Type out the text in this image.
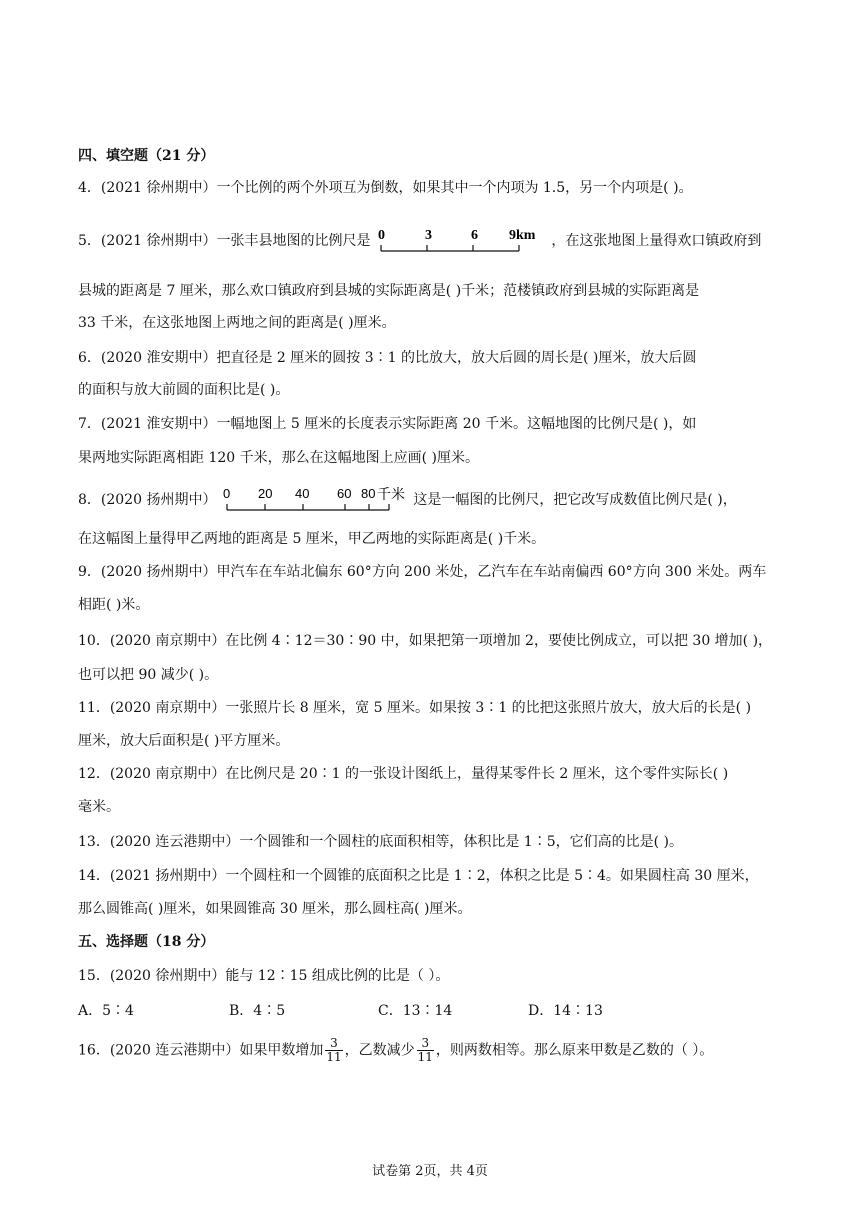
四、填空题（21 分）
4．(2021 徐州期中）一个比例的两个外项互为倒数，如果其中一个内项为 1.5，另一个内项是( )。
5．(2021 徐州期中）一张丰县地图的比例尺是 0	3	6 9km ，在这张地图上量得欢口镇政府到
县城的距离是 7 厘米，那么欢口镇政府到县城的实际距离是( )千米；范楼镇政府到县城的实际距离是
33 千米，在这张地图上两地之间的距离是( )厘米。
6．(2020 淮安期中）把直径是 2 厘米的圆按 3∶1 的比放大，放大后圆的周长是( )厘米，放大后圆
的面积与放大前圆的面积比是( )。
7．(2021 淮安期中）一幅地图上 5 厘米的长度表示实际距离 20 千米。这幅地图的比例尺是( )，如
果两地实际距离相距 120 千米，那么在这幅地图上应画( )厘米。
8．(2020 扬州期中） 0 20 40 60 80 千米 这是一幅图的比例尺，把它改写成数值比例尺是( )，
在这幅图上量得甲乙两地的距离是 5 厘米，甲乙两地的实际距离是( )千米。
9．(2020 扬州期中）甲汽车在车站北偏东 60°方向 200 米处，乙汽车在车站南偏西 60°方向 300 米处。两车
相距( )米。
10．(2020 南京期中）在比例 4∶12＝30∶90 中，如果把第一项增加 2，要使比例成立，可以把 30 增加( )，
也可以把 90 减少( )。
11．(2020 南京期中）一张照片长 8 厘米，宽 5 厘米。如果按 3∶1 的比把这张照片放大，放大后的长是( )
厘米，放大后面积是( )平方厘米。
12．(2020 南京期中）在比例尺是 20∶1 的一张设计图纸上，量得某零件长 2 厘米，这个零件实际长( )
毫米。
13．(2020 连云港期中）一个圆锥和一个圆柱的底面积相等，体积比是 1∶5，它们高的比是( )。
14．(2021 扬州期中）一个圆柱和一个圆锥的底面积之比是 1∶2，体积之比是 5∶4。如果圆柱高 30 厘米，
那么圆锥高( )厘米，如果圆锥高 30 厘米，那么圆柱高( )厘米。
五、选择题（18 分）
15．(2020 徐州期中）能与 12∶15 组成比例的比是（ ）。
A．5∶4	B．4∶5	C．13∶14	D．14∶13
16．(2020 连云港期中）如果甲数增加 $\frac{3}{11}$ ，乙数减少 $\frac{3}{11}$ ，则两数相等。那么原来甲数是乙数的（ ）。
试卷第 2页，共 4页
